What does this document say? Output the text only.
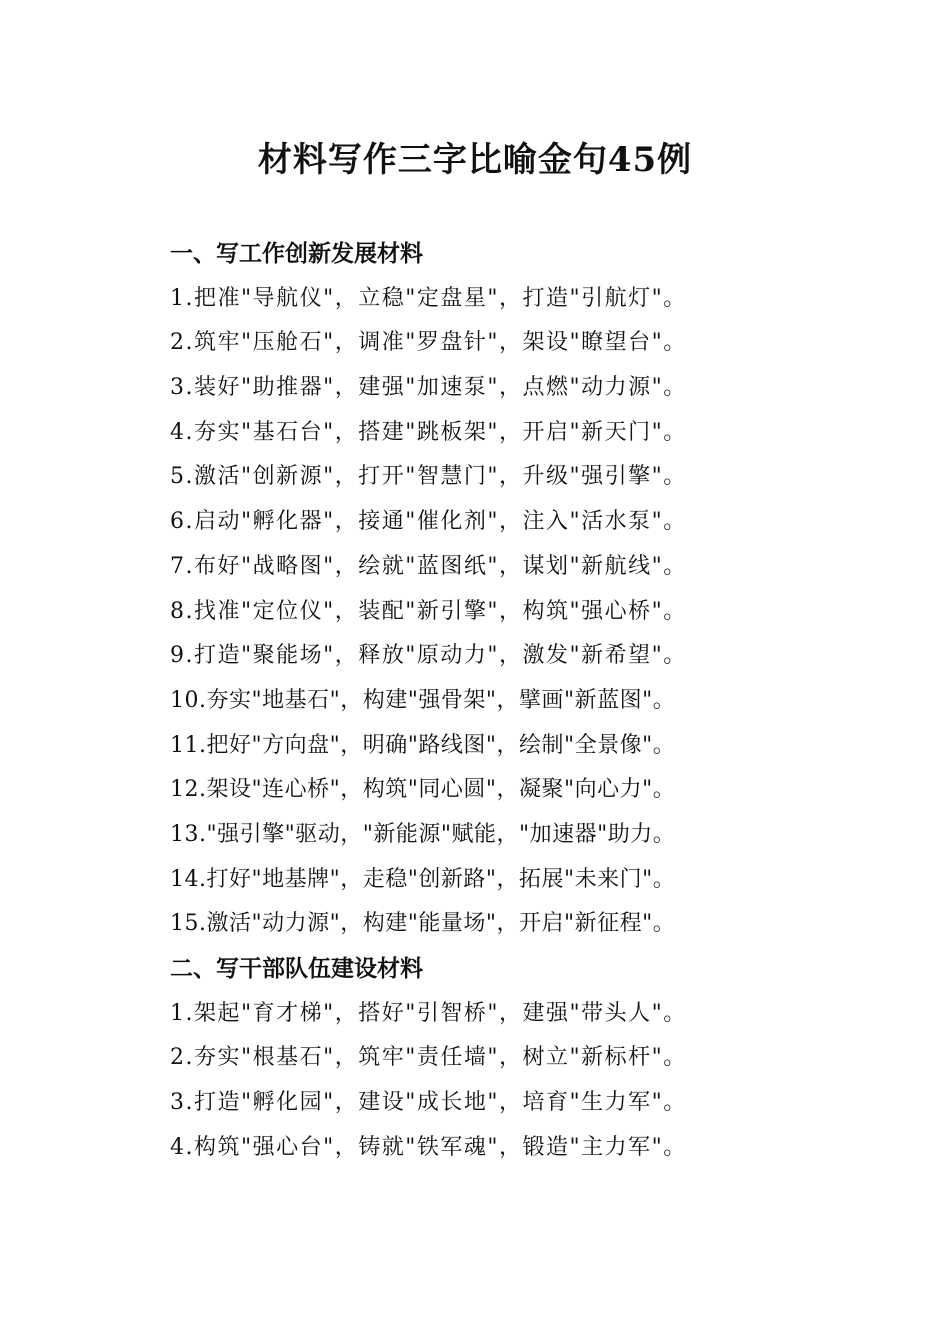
材料写作三字比喻金句45例
一、写工作创新发展材料
1.把准"导航仪"，立稳"定盘星"，打造"引航灯"。
2.筑牢"压舱石"，调准"罗盘针"，架设"瞭望台"。
3.装好"助推器"，建强"加速泵"，点燃"动力源"。
4.夯实"基石台"，搭建"跳板架"，开启"新天门"。
5.激活"创新源"，打开"智慧门"，升级"强引擎"。
6.启动"孵化器"，接通"催化剂"，注入"活水泵"。
7.布好"战略图"，绘就"蓝图纸"，谋划"新航线"。
8.找准"定位仪"，装配"新引擎"，构筑"强心桥"。
9.打造"聚能场"，释放"原动力"，激发"新希望"。
10.夯实"地基石"，构建"强骨架"，擘画"新蓝图"。
11.把好"方向盘"，明确"路线图"，绘制"全景像"。
12.架设"连心桥"，构筑"同心圆"，凝聚"向心力"。
13."强引擎"驱动，"新能源"赋能，"加速器"助力。
14.打好"地基牌"，走稳"创新路"，拓展"未来门"。
15.激活"动力源"，构建"能量场"，开启"新征程"。
二、写干部队伍建设材料
1.架起"育才梯"，搭好"引智桥"，建强"带头人"。
2.夯实"根基石"，筑牢"责任墙"，树立"新标杆"。
3.打造"孵化园"，建设"成长地"，培育"生力军"。
4.构筑"强心台"，铸就"铁军魂"，锻造"主力军"。
